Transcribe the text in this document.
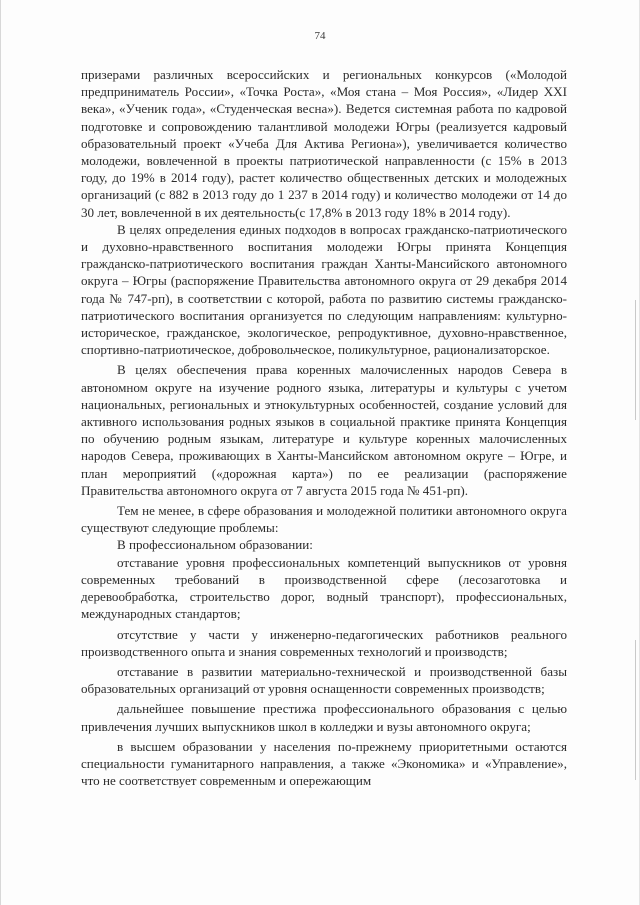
74

призерами различных всероссийских и региональных конкурсов («Молодой предприниматель России», «Точка Роста», «Моя стана – Моя Россия», «Лидер XXI века», «Ученик года», «Студенческая весна»). Ведется системная работа по кадровой подготовке и сопровождению талантливой молодежи Югры (реализуется кадровый образовательный проект «Учеба Для Актива Региона»), увеличивается количество молодежи, вовлеченной в проекты патриотической направленности (с 15% в 2013 году, до 19% в 2014 году), растет количество общественных детских и молодежных организаций (с 882 в 2013 году до 1 237 в 2014 году) и количество молодежи от 14 до 30 лет, вовлеченной в их деятельность(с 17,8% в 2013 году 18% в 2014 году).

В целях определения единых подходов в вопросах гражданско-патриотического и духовно-нравственного воспитания молодежи Югры принята Концепция гражданско-патриотического воспитания граждан Ханты-Мансийского автономного округа – Югры (распоряжение Правительства автономного округа от 29 декабря 2014 года № 747-рп), в соответствии с которой, работа по развитию системы гражданско-патриотического воспитания организуется по следующим направлениям: культурно-историческое, гражданское, экологическое, репродуктивное, духовно-нравственное, спортивно-патриотическое, добровольческое, поликультурное, рационализаторское.

В целях обеспечения права коренных малочисленных народов Севера в автономном округе на изучение родного языка, литературы и культуры с учетом национальных, региональных и этнокультурных особенностей, создание условий для активного использования родных языков в социальной практике принята Концепция по обучению родным языкам, литературе и культуре коренных малочисленных народов Севера, проживающих в Ханты-Мансийском автономном округе – Югре, и план мероприятий («дорожная карта») по ее реализации (распоряжение Правительства автономного округа от 7 августа 2015 года № 451-рп).

Тем не менее, в сфере образования и молодежной политики автономного округа существуют следующие проблемы:

В профессиональном образовании:

отставание уровня профессиональных компетенций выпускников от уровня современных требований в производственной сфере (лесозаготовка и деревообработка, строительство дорог, водный транспорт), профессиональных, международных стандартов;

отсутствие у части у инженерно-педагогических работников реального производственного опыта и знания современных технологий и производств;

отставание в развитии материально-технической и производственной базы образовательных организаций от уровня оснащенности современных производств;

дальнейшее повышение престижа профессионального образования с целью привлечения лучших выпускников школ в колледжи и вузы автономного округа;

в высшем образовании у населения по-прежнему приоритетными остаются специальности гуманитарного направления, а также «Экономика» и «Управление», что не соответствует современным и опережающим
